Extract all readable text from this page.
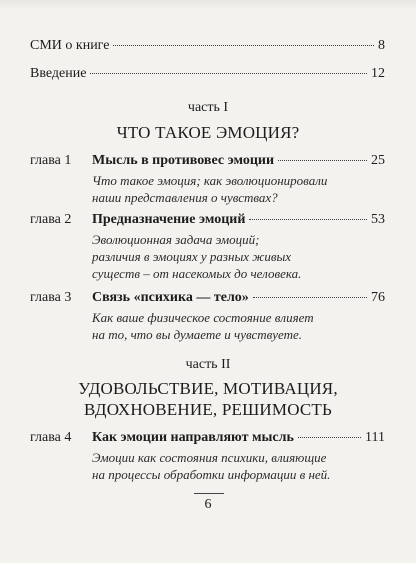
СМИ о книге	8
Введение	12
часть I
ЧТО ТАКОЕ ЭМОЦИЯ?
глава 1 Мысль в противовес эмоции	25
Что такое эмоция; как эволюционировали
наши представления о чувствах?
глава 2 Предназначение эмоций	53
Эволюционная задача эмоций;
различия в эмоциях у разных живых
существ – от насекомых до человека.
глава 3 Связь «психика — тело»	76
Как ваше физическое состояние влияет
на то, что вы думаете и чувствуете.
часть II
УДОВОЛЬСТВИЕ, МОТИВАЦИЯ,
ВДОХНОВЕНИЕ, РЕШИМОСТЬ
глава 4 Как эмоции направляют мысль	111
Эмоции как состояния психики, влияющие
на процессы обработки информации в ней.
6
